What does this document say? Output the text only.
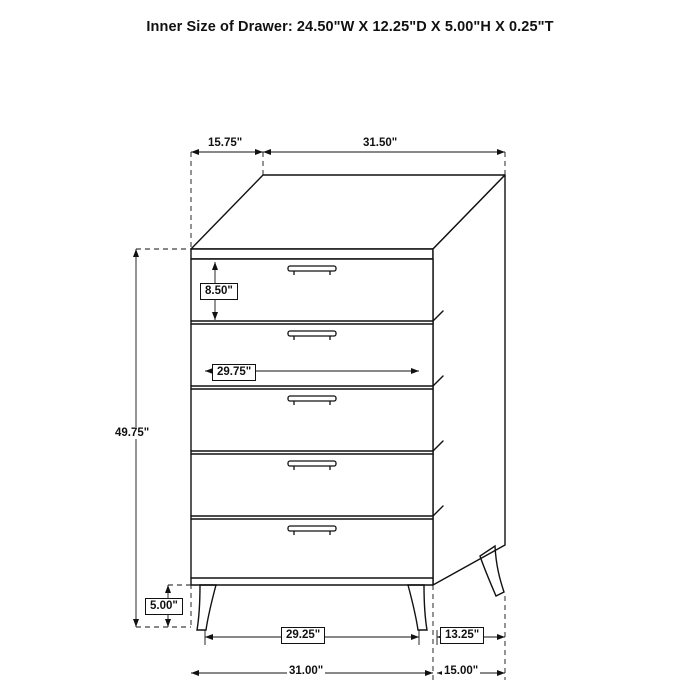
Inner Size of Drawer: 24.50"W X 12.25"D X 5.00"H X 0.25"T
15.75"	31.50"
8.50"
29.75"
49.75"
5.00"
29.25"	13.25"
31.00"	15.00"
